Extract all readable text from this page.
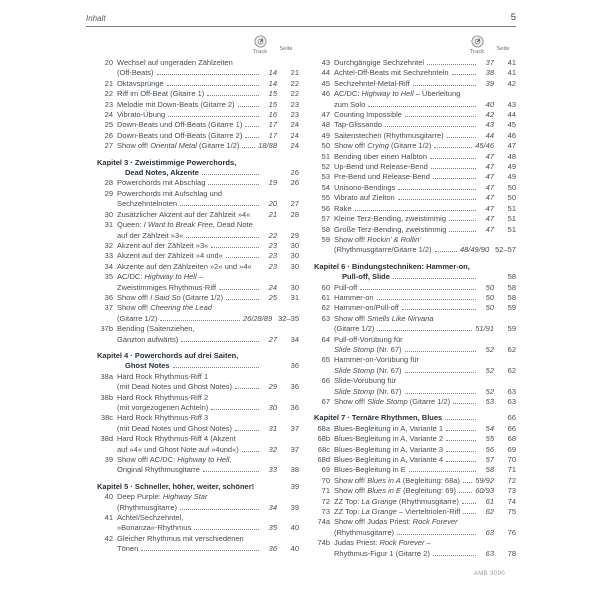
Inhalt	5
Track	Seite
20 Wechsel auf ungeraden Zählzeiten
(Off-Beats)	14	21
21 Oktavsprünge	14	22
22 Riff im Off-Beat (Gitarre 1)	15	22
23 Melodie mit Down-Beats (Gitarre 2)	15	23
24 Vibrato-Übung	16	23
25 Down-Beats und Off-Beats (Gitarre 1)	17	24
26 Down-Beats und Off-Beats (Gitarre 2)	17	24
27 Show off! Oriental Metal (Gitarre 1/2)	18/88	24
Kapitel 3 · Zweistimmige Powerchords,
Dead Notes, Akzente	26
28 Powerchords mit Abschlag	19	26
29 Powerchords mit Aufschlag und
Sechzehntelnoten	20	27
30 Zusätzlicher Akzent auf der Zählzeit »4«	21	28
31 Queen: I Want to Break Free, Dead Note
auf der Zählzeit »3«	22	29
32 Akzent auf der Zählzeit »3«	23	30
33 Akzent auf der Zählzeit »4 und«	23	30
34 Akzente auf den Zählzeiten »2« und »4«	23	30
35 AC/DC: Highway to Hell –
Zweistimmiges Rhythmus-Riff	24	30
36 Show off! I Said So (Gitarre 1/2)	25	31
37 Show off! Cheering the Lead
(Gitarre 1/2)	26/28/89 32–35
37b Bending (Saitenziehen,
Ganzton aufwärts)	27	34
Kapitel 4 · Powerchords auf drei Saiten,
Ghost Notes	36
38a Hard Rock Rhythmus-Riff 1
(mit Dead Notes und Ghost Notes)	29	36
38b Hard Rock Rhythmus-Riff 2
(mit vorgezogenen Achteln)	30	36
38c Hard Rock Rhythmus-Riff 3
(mit Dead Notes und Ghost Notes)	31	37
38d Hard Rock Rhythmus-Riff 4 (Akzent
auf »4« und Ghost Note auf »4und«)	32	37
39 Show off! AC/DC: Highway to Hell,
Original Rhythmusgitarre	33	38
Kapitel 5 · Schneller, höher, weiter, schöner!	39
40 Deep Purple: Highway Star
(Rhythmusgitarre)	34	39
41 Achtel/Sechzehntel,
»Bonanza«-Rhythmus	35	40
42 Gleicher Rhythmus mit verschiedenen
Tönen	36	40
Track	Seite
43 Durchgängige Sechzehntel	37	41
44 Achtel-Off-Beats mit Sechzehnteln	38	41
45 Sechzehntel-Metal-Riff	39	42
46 AC/DC: Highway to Hell – Überleitung
zum Solo	40	43
47 Counting Impossible	42	44
48 Tap-Glissando	43	45
49 Saitenstechen (Rhythmusgitarre)	44	46
50 Show off! Crying (Gitarre 1/2)	45/46	47
51 Bending über einen Halbton	47	48
52 Up-Bend und Release-Bend	47	49
53 Pre-Bend und Release-Bend	47	49
54 Unisono-Bendings	47	50
55 Vibrato auf Zielton	47	50
56 Rake	47	51
57 Kleine Terz-Bending, zweistimmig	47	51
58 Große Terz-Bending, zweistimmig	47	51
59 Show off! Rockin’ & Rollin’
(Rhythmusgitarre/Gitarre 1/2)	48/49/90 52–57
Kapitel 6 · Bindungstechniken: Hammer-on,
Pull-off, Slide	58
60 Pull-off	50	58
61 Hammer-on	50	58
62 Hammer-on/Pull-off	50	59
63 Show off! Smells Like Nirvana
(Gitarre 1/2)	51/91	59
64 Pull-off-Vorübung für
Slide Stomp (Nr. 67)	52	62
65 Hammer-on-Vorübung für
Slide Stomp (Nr. 67)	52	62
66 Slide-Vorübung für
Slide Stomp (Nr. 67)	52	63
67 Show off! Slide Stomp (Gitarre 1/2)	53	63
Kapitel 7 · Ternäre Rhythmen, Blues	66
68a Blues-Begleitung in A, Variante 1	54	66
68b Blues-Begleitung in A, Variante 2	55	68
68c Blues-Begleitung in A, Variante 3	56	69
68d Blues-Begleitung in A, Variante 4	57	70
69 Blues-Begleitung in E	58	71
70 Show off! Blues in A (Begleitung: 68a) 59/92	72
71 Show off! Blues in E (Begleitung: 69)	60/93	73
72 ZZ Top: La Grange (Rhythmusgitarre)	61	74
73 ZZ Top: La Grange – Vierteltriolen-Riff	62	75
74a Show off! Judas Priest: Rock Forever
(Rhythmusgitarre)	63	76
74b Judas Priest: Rock Forever –
Rhythmus-Figur 1 (Gitarre 2)	63	78
AMB 3090
